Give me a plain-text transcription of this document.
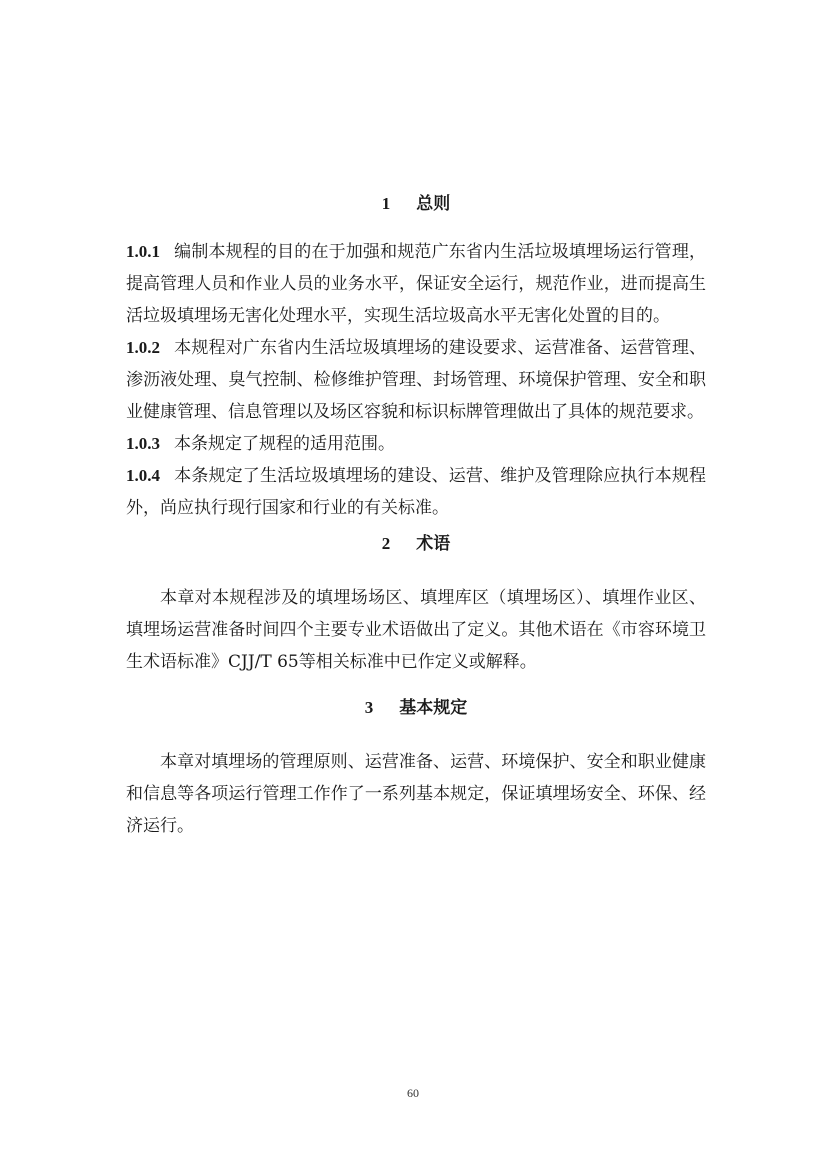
1 总则

1.0.1 编制本规程的目的在于加强和规范广东省内生活垃圾填埋场运行管理，提高管理人员和作业人员的业务水平，保证安全运行，规范作业，进而提高生活垃圾填埋场无害化处理水平，实现生活垃圾高水平无害化处置的目的。

1.0.2 本规程对广东省内生活垃圾填埋场的建设要求、运营准备、运营管理、渗沥液处理、臭气控制、检修维护管理、封场管理、环境保护管理、安全和职业健康管理、信息管理以及场区容貌和标识标牌管理做出了具体的规范要求。

1.0.3 本条规定了规程的适用范围。

1.0.4 本条规定了生活垃圾填埋场的建设、运营、维护及管理除应执行本规程外，尚应执行现行国家和行业的有关标准。

2 术语

本章对本规程涉及的填埋场场区、填埋库区（填埋场区）、填埋作业区、填埋场运营准备时间四个主要专业术语做出了定义。其他术语在《市容环境卫生术语标准》CJJ/T 65等相关标准中已作定义或解释。

3 基本规定

本章对填埋场的管理原则、运营准备、运营、环境保护、安全和职业健康和信息等各项运行管理工作作了一系列基本规定，保证填埋场安全、环保、经济运行。

60
